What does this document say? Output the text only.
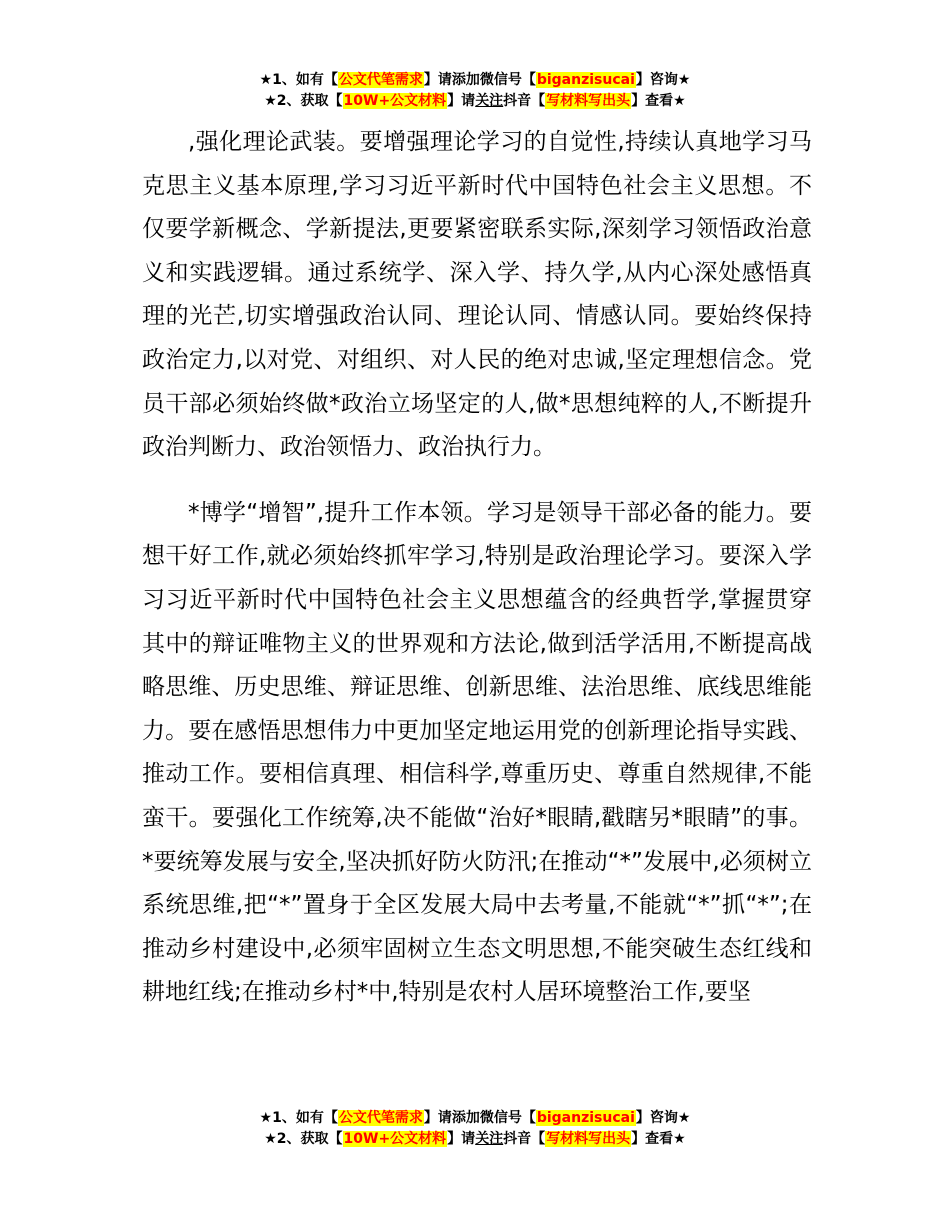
★1、如有【公文代笔需求】请添加微信号【biganzisucai】咨询★
★2、获取【10W+公文材料】请关注抖音【写材料写出头】查看★

,强化理论武装。要增强理论学习的自觉性,持续认真地学习马克思主义基本原理,学习习近平新时代中国特色社会主义思想。不仅要学新概念、学新提法,更要紧密联系实际,深刻学习领悟政治意义和实践逻辑。通过系统学、深入学、持久学,从内心深处感悟真理的光芒,切实增强政治认同、理论认同、情感认同。要始终保持政治定力,以对党、对组织、对人民的绝对忠诚,坚定理想信念。党员干部必须始终做*政治立场坚定的人,做*思想纯粹的人,不断提升政治判断力、政治领悟力、政治执行力。

*博学“增智”,提升工作本领。学习是领导干部必备的能力。要想干好工作,就必须始终抓牢学习,特别是政治理论学习。要深入学习习近平新时代中国特色社会主义思想蕴含的经典哲学,掌握贯穿其中的辩证唯物主义的世界观和方法论,做到活学活用,不断提高战略思维、历史思维、辩证思维、创新思维、法治思维、底线思维能力。要在感悟思想伟力中更加坚定地运用党的创新理论指导实践、推动工作。要相信真理、相信科学,尊重历史、尊重自然规律,不能蛮干。要强化工作统筹,决不能做“治好*眼睛,戳瞎另*眼睛”的事。*要统筹发展与安全,坚决抓好防火防汛;在推动“*”发展中,必须树立系统思维,把“*”置身于全区发展大局中去考量,不能就“*”抓“*”;在推动乡村建设中,必须牢固树立生态文明思想,不能突破生态红线和耕地红线;在推动乡村*中,特别是农村人居环境整治工作,要坚

★1、如有【公文代笔需求】请添加微信号【biganzisucai】咨询★
★2、获取【10W+公文材料】请关注抖音【写材料写出头】查看★
